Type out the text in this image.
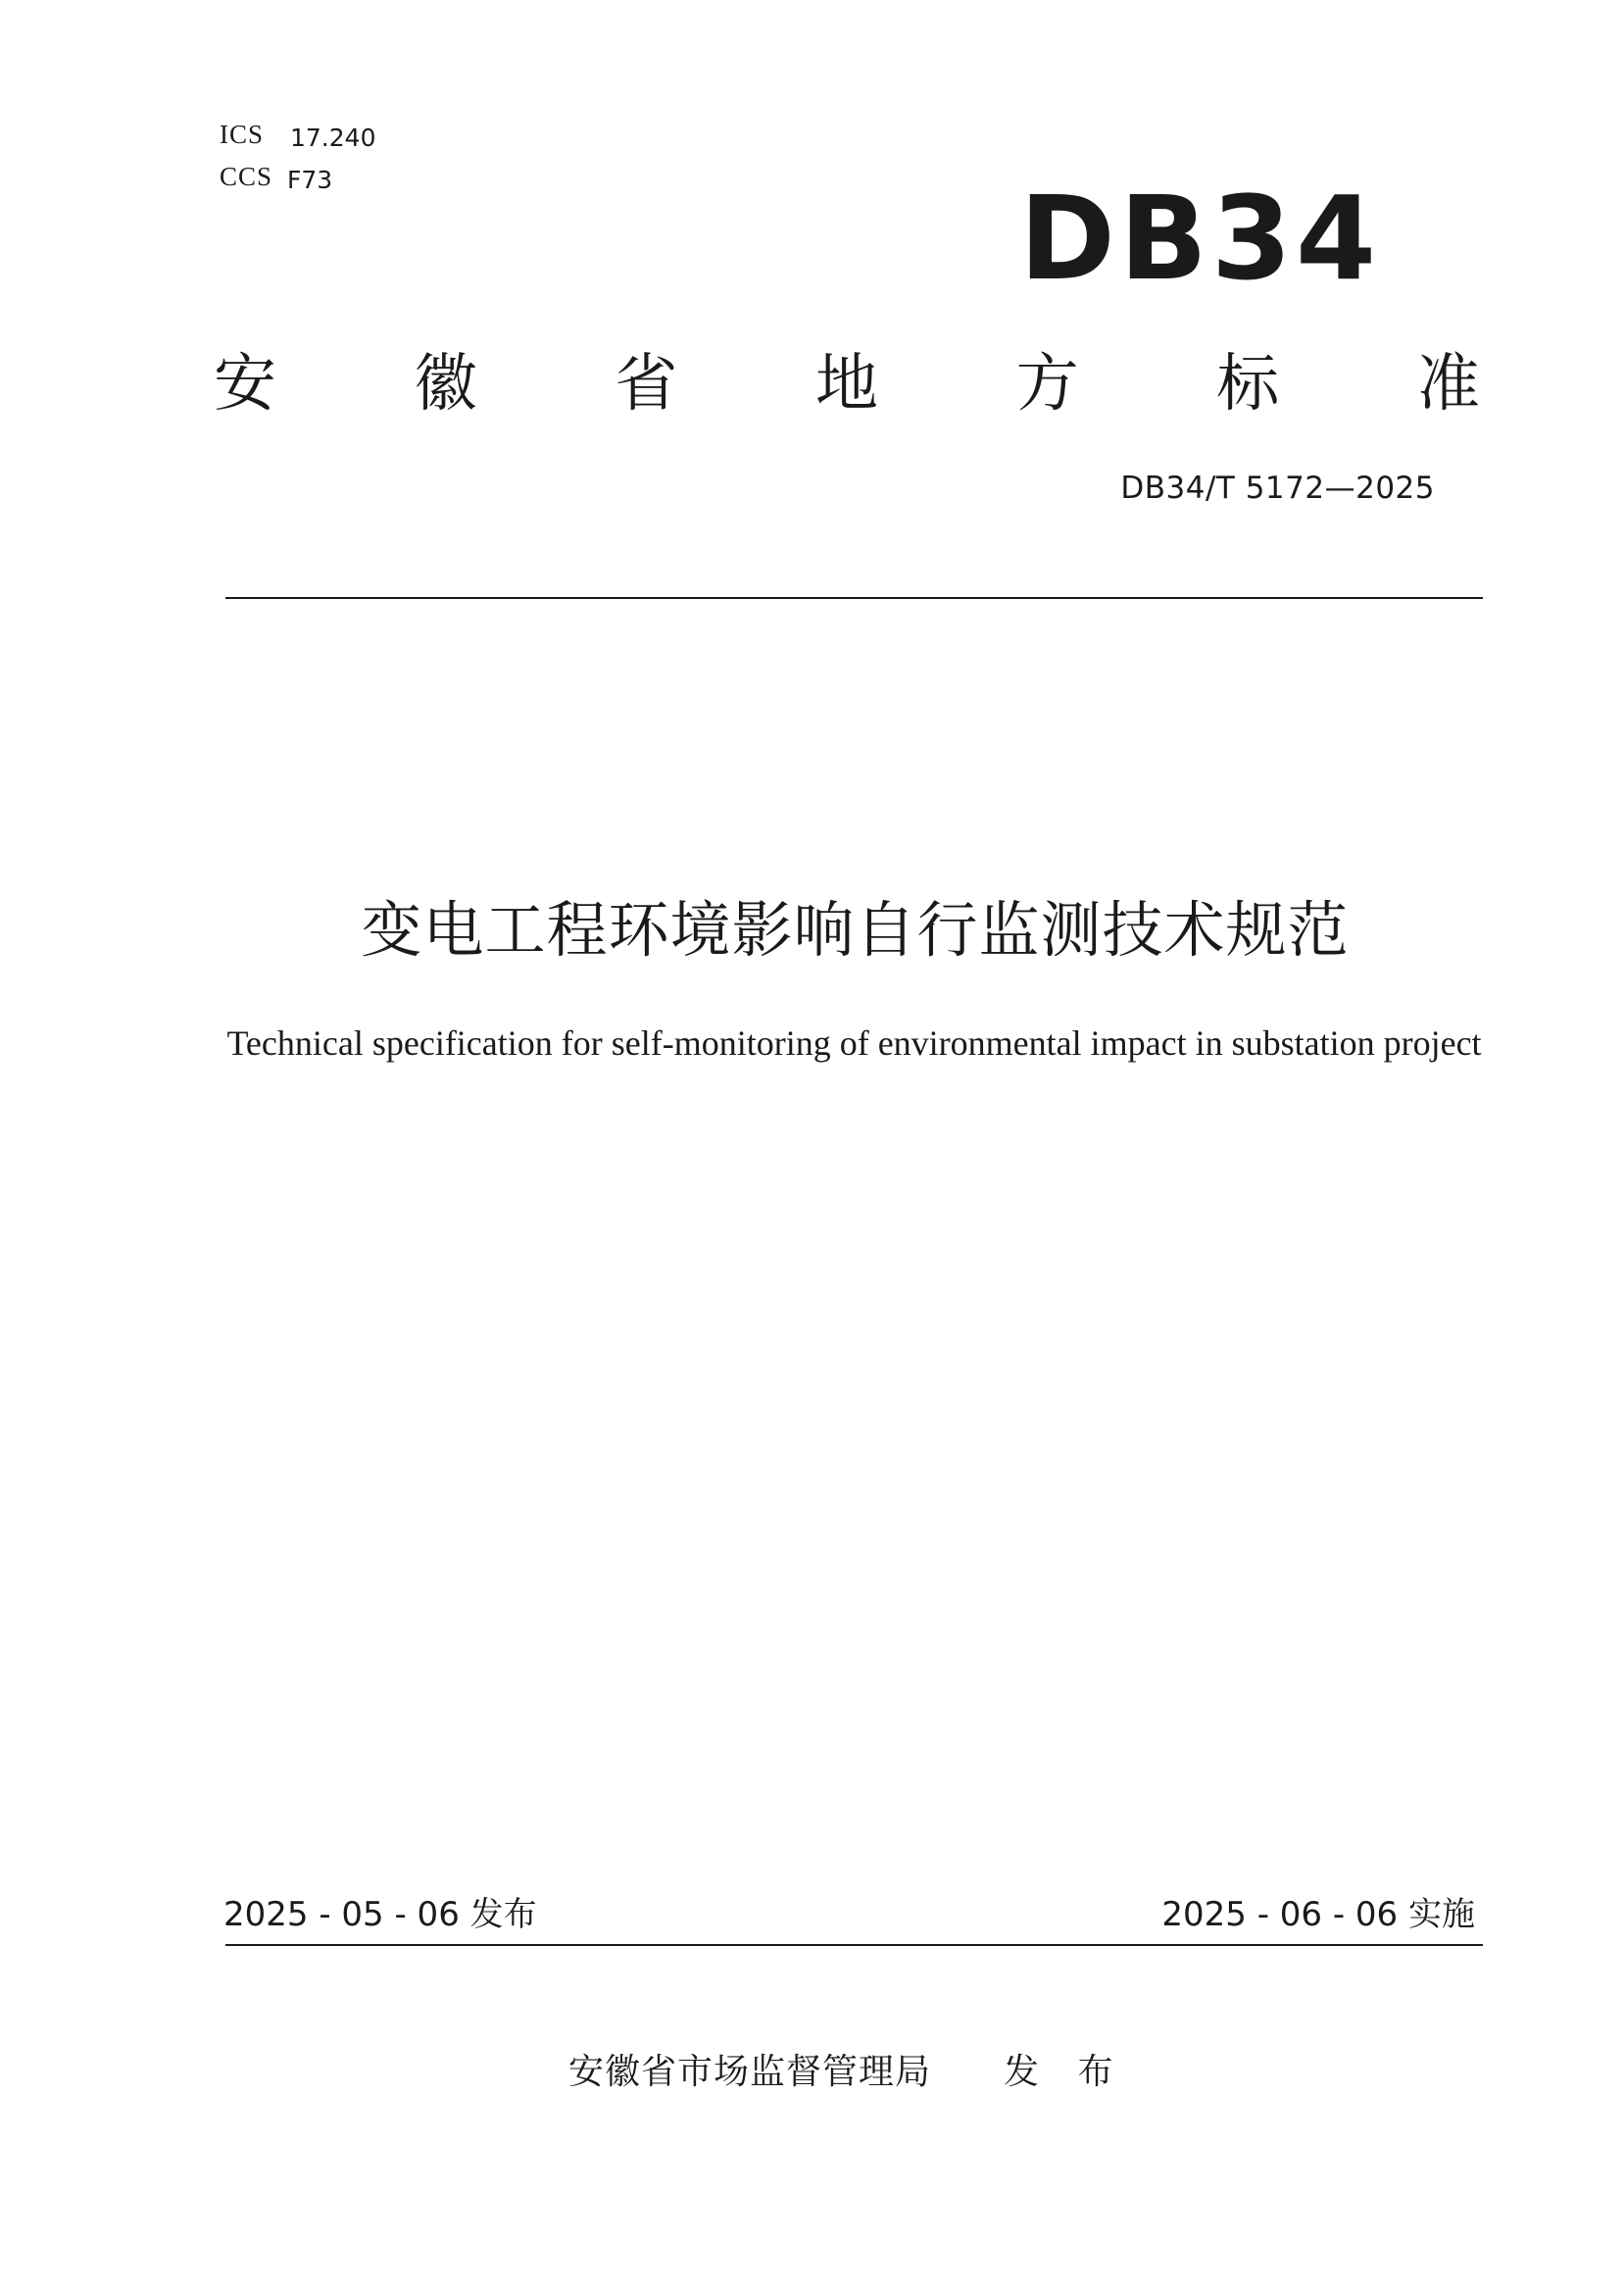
ICS 17.240
CCS F73	DB34
安 徽 省 地 方 标 准
DB34/T 5172—2025
变电工程环境影响自行监测技术规范
Technical specification for self-monitoring of environmental impact in substation project
2025 - 05 - 06 发布	2025 - 06 - 06 实施
安徽省市场监督管理局 发 布
